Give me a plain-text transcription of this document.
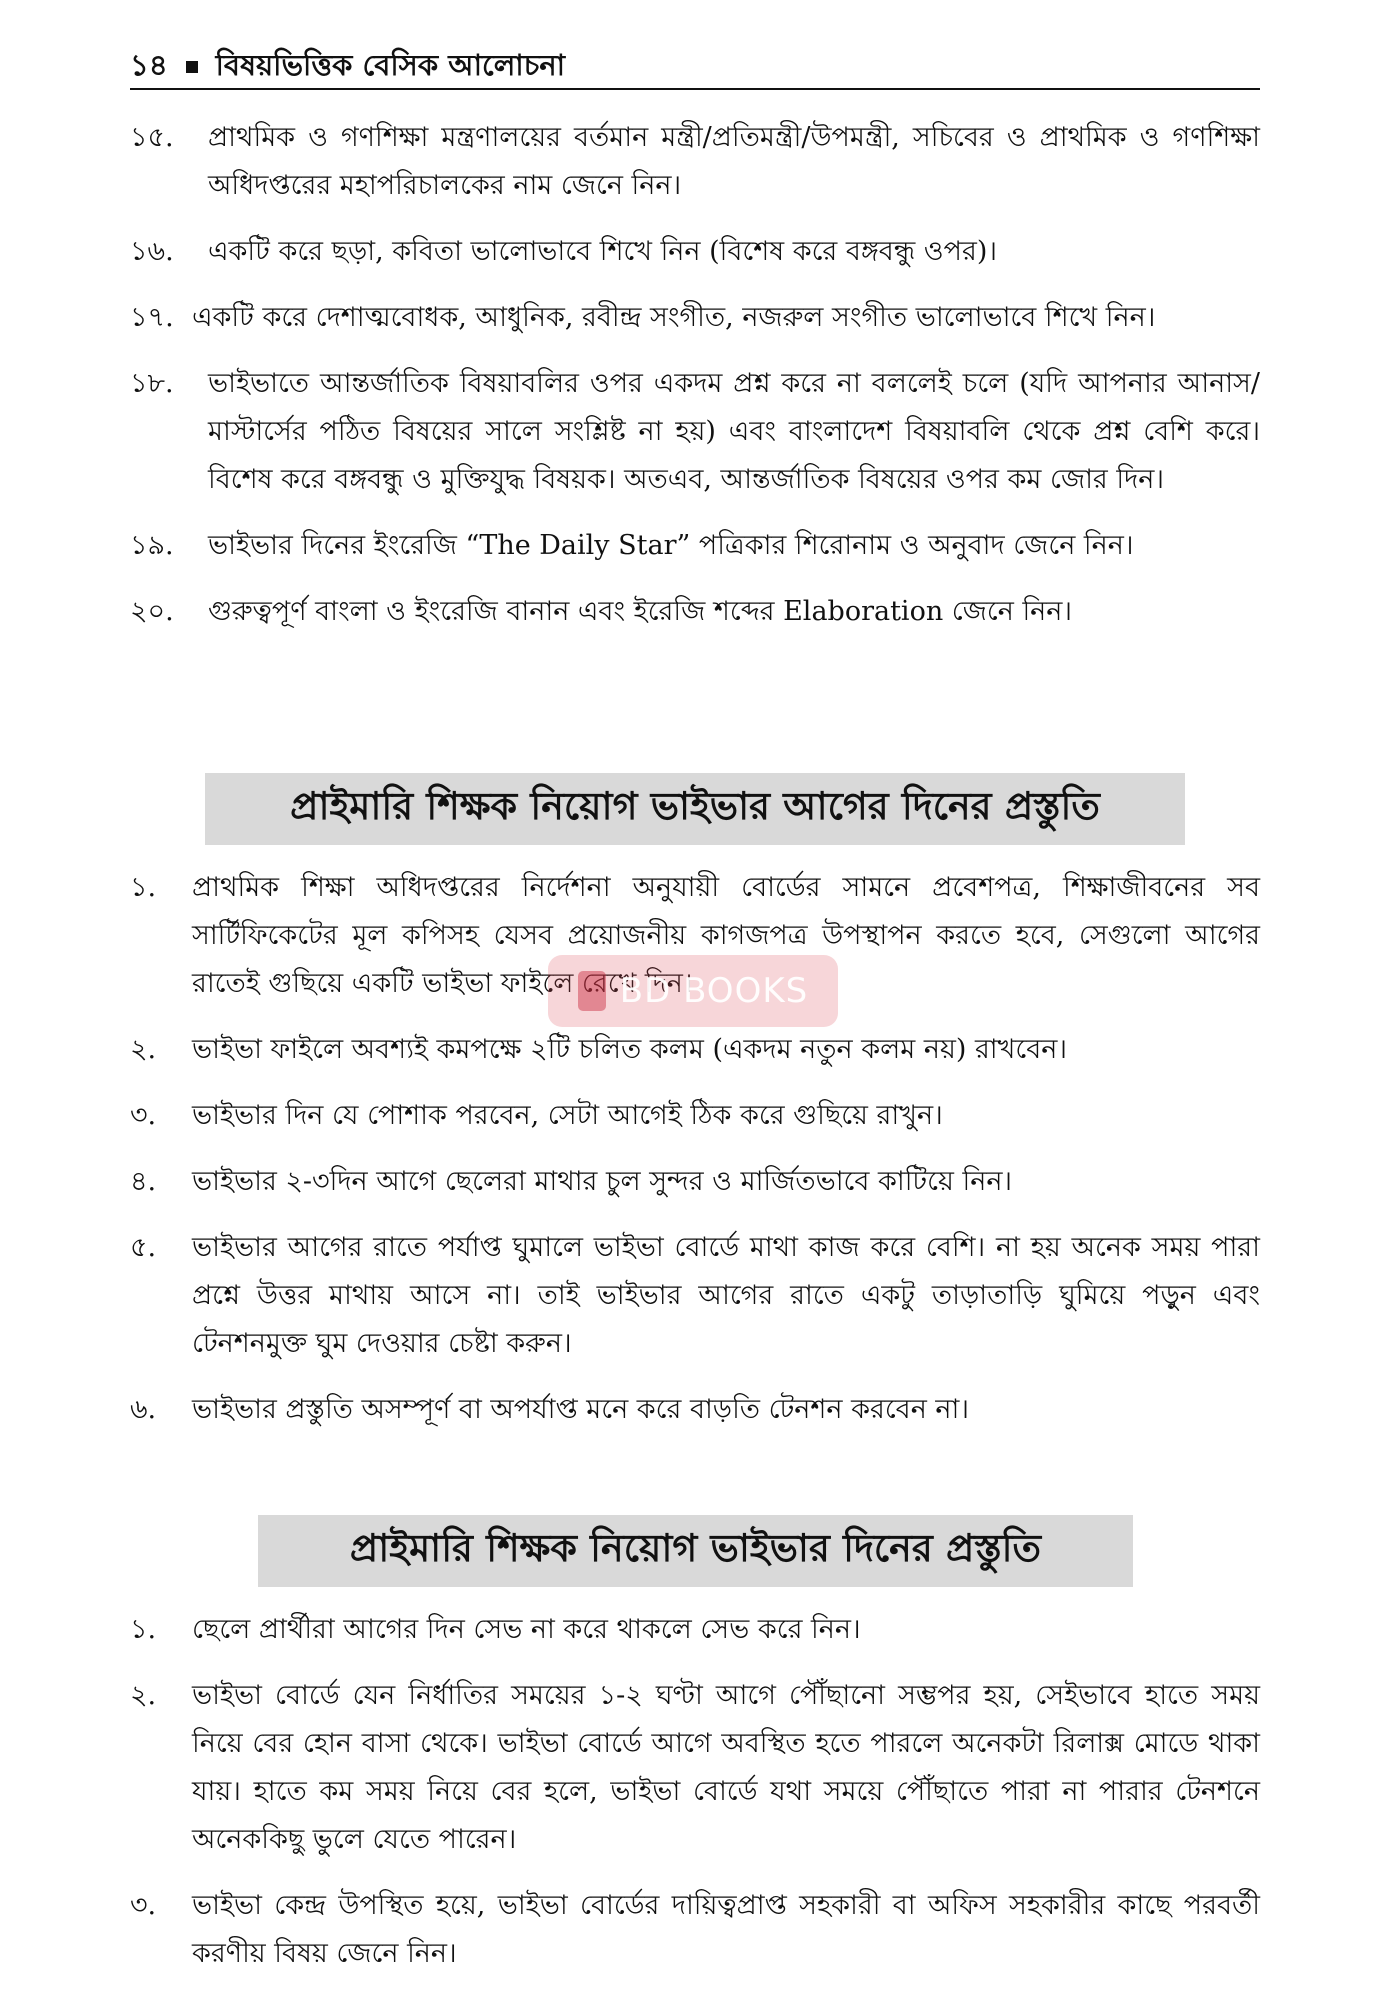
১৪ বিষয়ভিত্তিক বেসিক আলোচনা
১৫.	প্রাথমিক ও গণশিক্ষা মন্ত্রণালয়ের বর্তমান মন্ত্রী/প্রতিমন্ত্রী/উপমন্ত্রী, সচিবের ও প্রাথমিক ও গণশিক্ষা অধিদপ্তরের মহাপরিচালকের নাম জেনে নিন।
১৬.	একটি করে ছড়া, কবিতা ভালোভাবে শিখে নিন (বিশেষ করে বঙ্গবন্ধু ওপর)।
১৭. একটি করে দেশাত্মবোধক, আধুনিক, রবীন্দ্র সংগীত, নজরুল সংগীত ভালোভাবে শিখে নিন।
১৮.	ভাইভাতে আন্তর্জাতিক বিষয়াবলির ওপর একদম প্রশ্ন করে না বললেই চলে (যদি আপনার আনাস/মাস্টার্সের পঠিত বিষয়ের সালে সংশ্লিষ্ট না হয়) এবং বাংলাদেশ বিষয়াবলি থেকে প্রশ্ন বেশি করে। বিশেষ করে বঙ্গবন্ধু ও মুক্তিযুদ্ধ বিষয়ক। অতএব, আন্তর্জাতিক বিষয়ের ওপর কম জোর দিন।
১৯.	ভাইভার দিনের ইংরেজি “The Daily Star” পত্রিকার শিরোনাম ও অনুবাদ জেনে নিন।
২০.	গুরুত্বপূর্ণ বাংলা ও ইংরেজি বানান এবং ইরেজি শব্দের Elaboration জেনে নিন।
প্রাইমারি শিক্ষক নিয়োগ ভাইভার আগের দিনের প্রস্তুতি
১.	প্রাথমিক শিক্ষা অধিদপ্তরের নির্দেশনা অনুযায়ী বোর্ডের সামনে প্রবেশপত্র, শিক্ষাজীবনের সব সার্টিফিকেটের মূল কপিসহ যেসব প্রয়োজনীয় কাগজপত্র উপস্থাপন করতে হবে, সেগুলো আগের রাতেই গুছিয়ে একটি ভাইভা ফাইলে রেখে দিন।
২.	ভাইভা ফাইলে অবশ্যই কমপক্ষে ২টি চলিত কলম (একদম নতুন কলম নয়) রাখবেন।
৩.	ভাইভার দিন যে পোশাক পরবেন, সেটা আগেই ঠিক করে গুছিয়ে রাখুন।
৪.	ভাইভার ২-৩দিন আগে ছেলেরা মাথার চুল সুন্দর ও মার্জিতভাবে কাটিয়ে নিন।
৫.	ভাইভার আগের রাতে পর্যাপ্ত ঘুমালে ভাইভা বোর্ডে মাথা কাজ করে বেশি। না হয় অনেক সময় পারা প্রশ্নে উত্তর মাথায় আসে না। তাই ভাইভার আগের রাতে একটু তাড়াতাড়ি ঘুমিয়ে পড়ুন এবং টেনশনমুক্ত ঘুম দেওয়ার চেষ্টা করুন।
৬.	ভাইভার প্রস্তুতি অসম্পূর্ণ বা অপর্যাপ্ত মনে করে বাড়তি টেনশন করবেন না।
প্রাইমারি শিক্ষক নিয়োগ ভাইভার দিনের প্রস্তুতি
১.	ছেলে প্রার্থীরা আগের দিন সেভ না করে থাকলে সেভ করে নিন।
২.	ভাইভা বোর্ডে যেন নির্ধাতির সময়ের ১-২ ঘণ্টা আগে পৌঁছানো সম্ভপর হয়, সেইভাবে হাতে সময় নিয়ে বের হোন বাসা থেকে। ভাইভা বোর্ডে আগে অবস্থিত হতে পারলে অনেকটা রিলাক্স মোডে থাকা যায়। হাতে কম সময় নিয়ে বের হলে, ভাইভা বোর্ডে যথা সময়ে পৌঁছাতে পারা না পারার টেনশনে অনেককিছু ভুলে যেতে পারেন।
৩.	ভাইভা কেন্দ্র উপস্থিত হয়ে, ভাইভা বোর্ডের দায়িত্বপ্রাপ্ত সহকারী বা অফিস সহকারীর কাছে পরবর্তী করণীয় বিষয় জেনে নিন।
BD BOOKS
